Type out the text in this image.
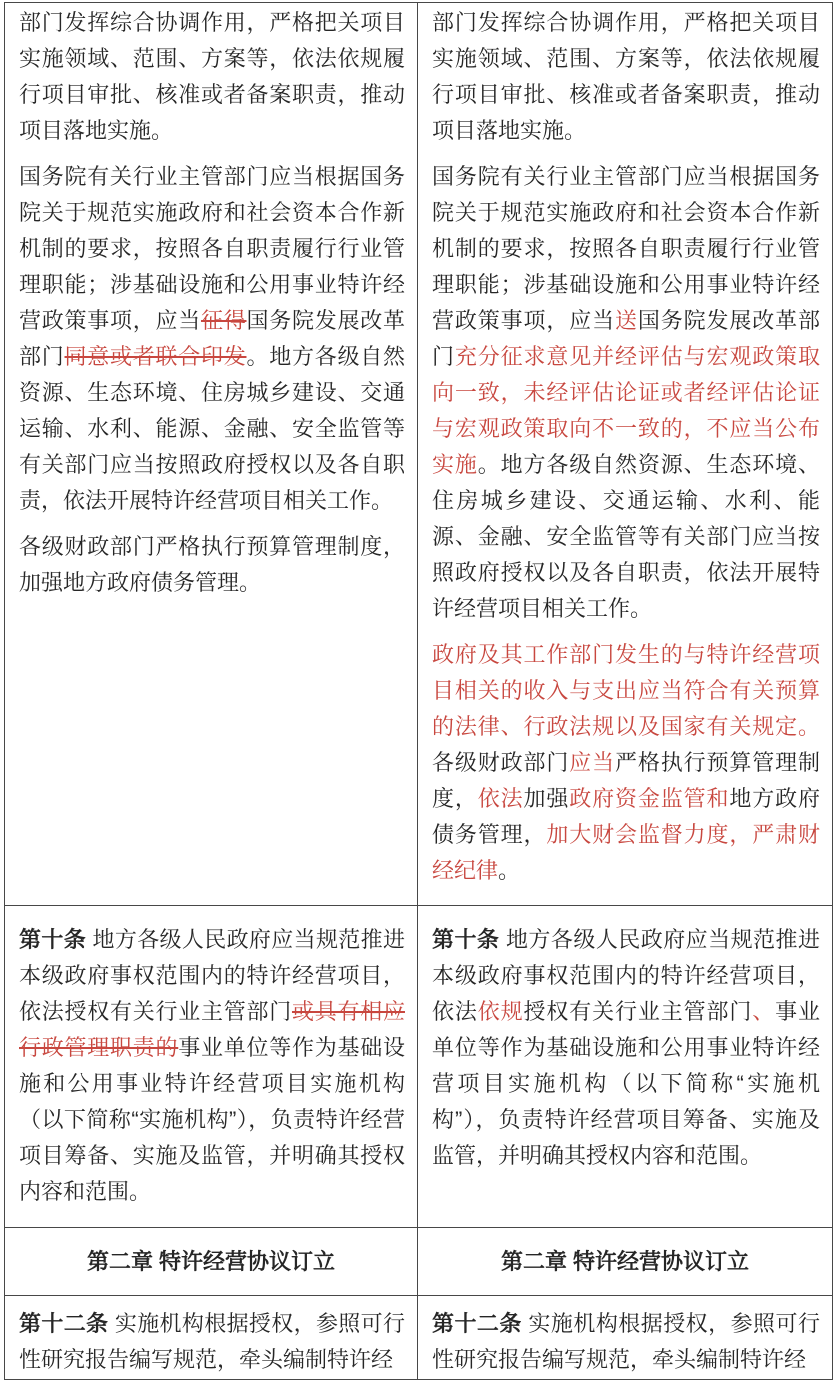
部门发挥综合协调作用，严格把关项目实施领域、范围、方案等，依法依规履行项目审批、核准或者备案职责，推动项目落地实施。

国务院有关行业主管部门应当根据国务院关于规范实施政府和社会资本合作新机制的要求，按照各自职责履行行业管理职能；涉基础设施和公用事业特许经营政策事项，应当征得国务院发展改革部门同意或者联合印发。地方各级自然资源、生态环境、住房城乡建设、交通运输、水利、能源、金融、安全监管等有关部门应当按照政府授权以及各自职责，依法开展特许经营项目相关工作。

各级财政部门严格执行预算管理制度，加强地方政府债务管理。

部门发挥综合协调作用，严格把关项目实施领域、范围、方案等，依法依规履行项目审批、核准或者备案职责，推动项目落地实施。

国务院有关行业主管部门应当根据国务院关于规范实施政府和社会资本合作新机制的要求，按照各自职责履行行业管理职能；涉基础设施和公用事业特许经营政策事项，应当送国务院发展改革部门充分征求意见并经评估与宏观政策取向一致，未经评估论证或者经评估论证与宏观政策取向不一致的，不应当公布实施。地方各级自然资源、生态环境、住房城乡建设、交通运输、水利、能源、金融、安全监管等有关部门应当按照政府授权以及各自职责，依法开展特许经营项目相关工作。

政府及其工作部门发生的与特许经营项目相关的收入与支出应当符合有关预算的法律、行政法规以及国家有关规定。各级财政部门应当严格执行预算管理制度，依法加强政府资金监管和地方政府债务管理，加大财会监督力度，严肃财经纪律。

第十条 地方各级人民政府应当规范推进本级政府事权范围内的特许经营项目，依法授权有关行业主管部门或具有相应行政管理职责的事业单位等作为基础设施和公用事业特许经营项目实施机构（以下简称“实施机构”），负责特许经营项目筹备、实施及监管，并明确其授权内容和范围。

第十条 地方各级人民政府应当规范推进本级政府事权范围内的特许经营项目，依法依规授权有关行业主管部门、事业单位等作为基础设施和公用事业特许经营项目实施机构（以下简称“实施机构”），负责特许经营项目筹备、实施及监管，并明确其授权内容和范围。

第二章 特许经营协议订立	第二章 特许经营协议订立

第十二条 实施机构根据授权，参照可行性研究报告编写规范，牵头编制特许经

第十二条 实施机构根据授权，参照可行性研究报告编写规范，牵头编制特许经
